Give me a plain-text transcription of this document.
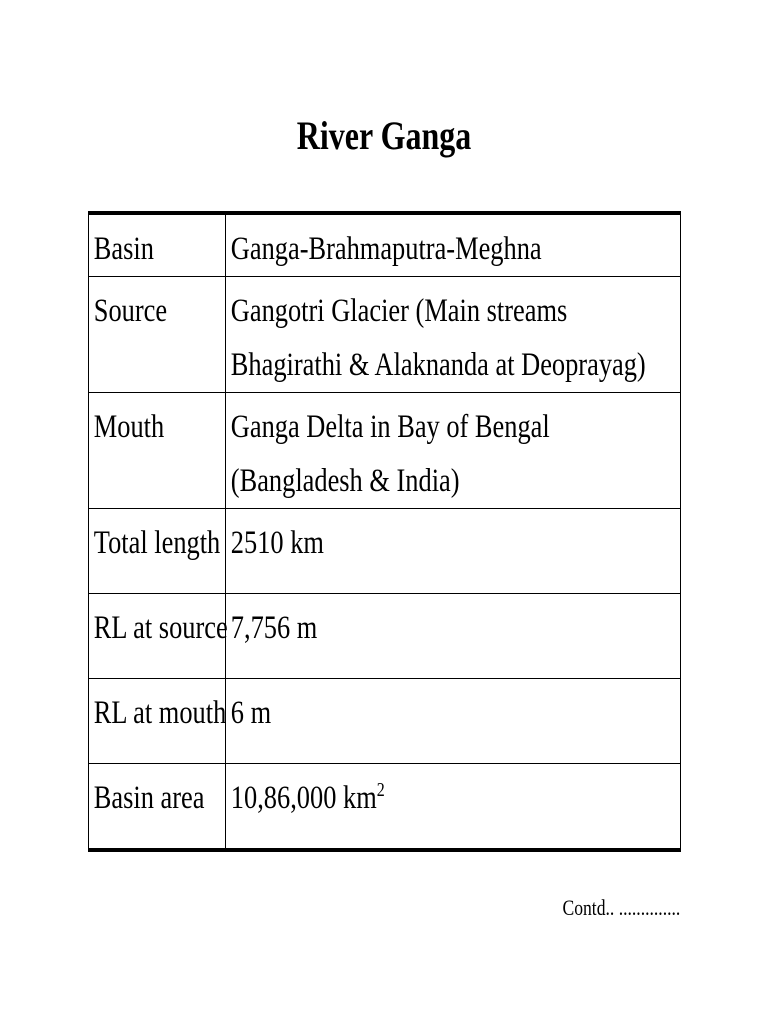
River Ganga
Basin	Ganga-Brahmaputra-Meghna

Source	Gangotri Glacier (Main streams Bhagirathi & Alaknanda at Deoprayag)

Mouth	Ganga Delta in Bay of Bengal (Bangladesh & India)

Total length	2510 km

RL at source	7,756 m

RL at mouth	6 m

Basin area	10,86,000 $km^2$
Contd.. ..............
